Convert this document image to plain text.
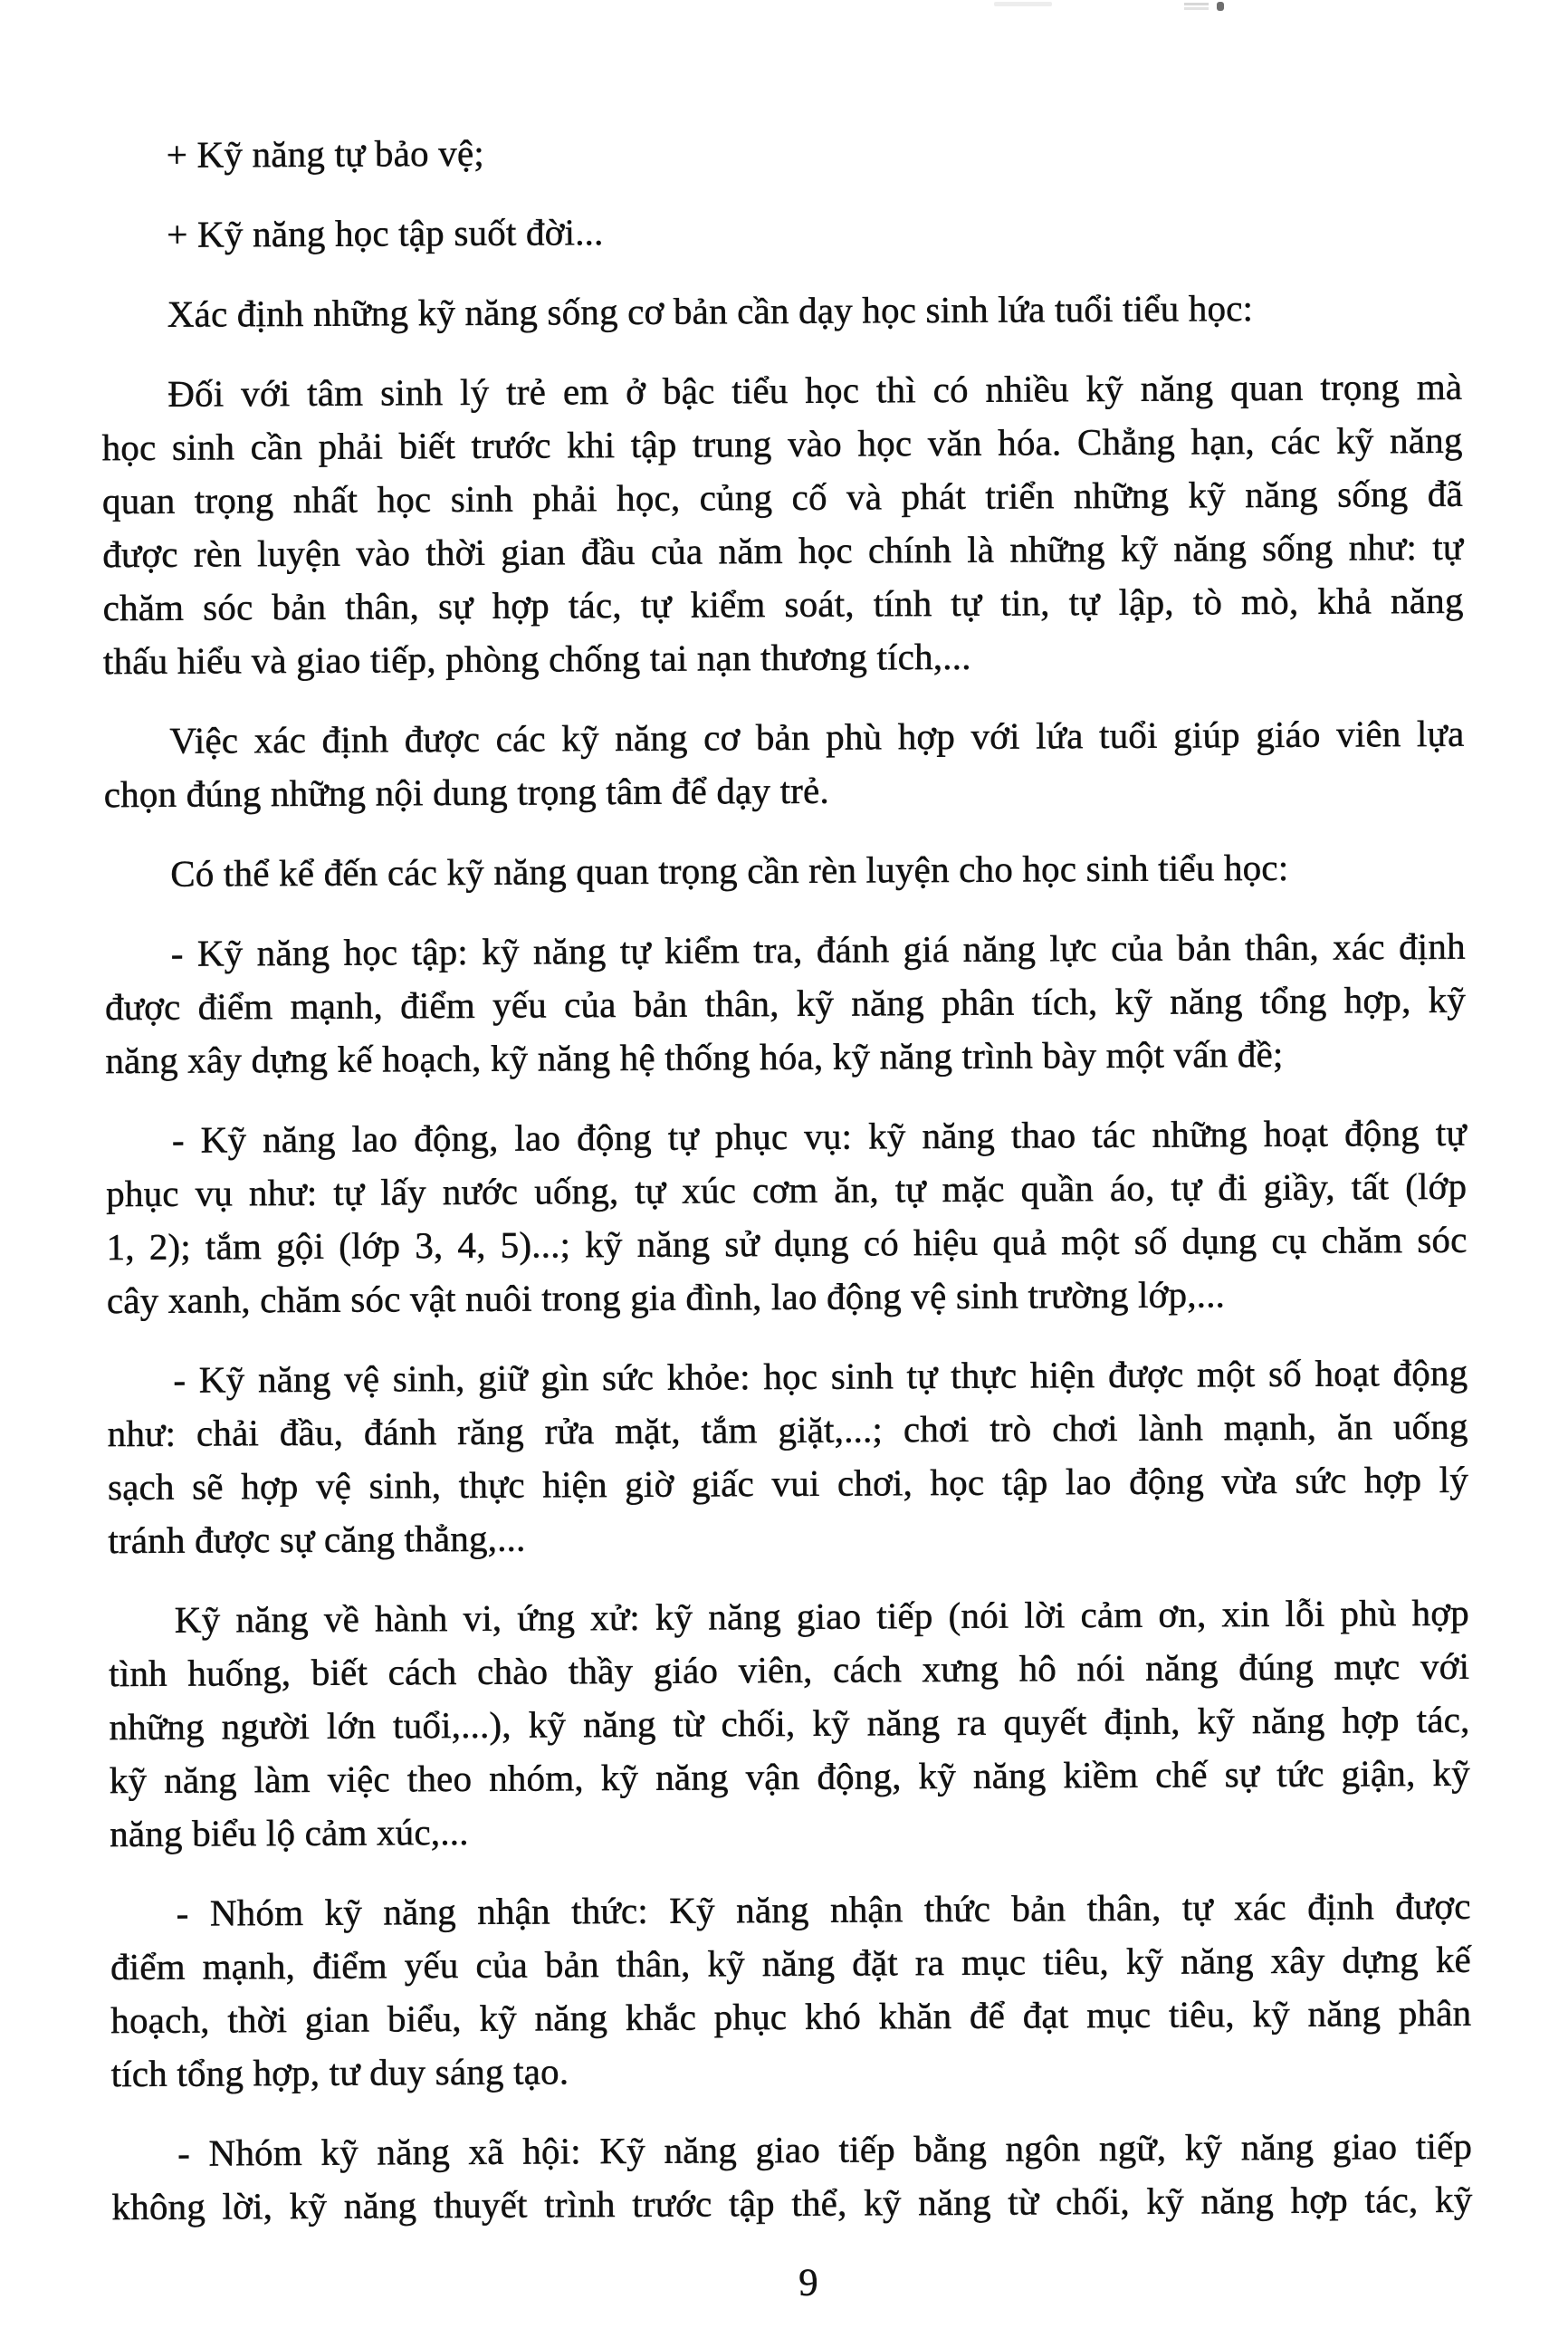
+ Kỹ năng tự bảo vệ;

+ Kỹ năng học tập suốt đời...

Xác định những kỹ năng sống cơ bản cần dạy học sinh lứa tuổi tiểu học:

Đối với tâm sinh lý trẻ em ở bậc tiểu học thì có nhiều kỹ năng quan trọng mà
học sinh cần phải biết trước khi tập trung vào học văn hóa. Chẳng hạn, các kỹ năng
quan trọng nhất học sinh phải học, củng cố và phát triển những kỹ năng sống đã
được rèn luyện vào thời gian đầu của năm học chính là những kỹ năng sống như: tự
chăm sóc bản thân, sự hợp tác, tự kiểm soát, tính tự tin, tự lập, tò mò, khả năng
thấu hiểu và giao tiếp, phòng chống tai nạn thương tích,...

Việc xác định được các kỹ năng cơ bản phù hợp với lứa tuổi giúp giáo viên lựa
chọn đúng những nội dung trọng tâm để dạy trẻ.

Có thể kể đến các kỹ năng quan trọng cần rèn luyện cho học sinh tiểu học:

- Kỹ năng học tập: kỹ năng tự kiểm tra, đánh giá năng lực của bản thân, xác định
được điểm mạnh, điểm yếu của bản thân, kỹ năng phân tích, kỹ năng tổng hợp, kỹ
năng xây dựng kế hoạch, kỹ năng hệ thống hóa, kỹ năng trình bày một vấn đề;

- Kỹ năng lao động, lao động tự phục vụ: kỹ năng thao tác những hoạt động tự
phục vụ như: tự lấy nước uống, tự xúc cơm ăn, tự mặc quần áo, tự đi giầy, tất (lớp
1, 2); tắm gội (lớp 3, 4, 5)...; kỹ năng sử dụng có hiệu quả một số dụng cụ chăm sóc
cây xanh, chăm sóc vật nuôi trong gia đình, lao động vệ sinh trường lớp,...

- Kỹ năng vệ sinh, giữ gìn sức khỏe: học sinh tự thực hiện được một số hoạt động
như: chải đầu, đánh răng rửa mặt, tắm giặt,...; chơi trò chơi lành mạnh, ăn uống
sạch sẽ hợp vệ sinh, thực hiện giờ giấc vui chơi, học tập lao động vừa sức hợp lý
tránh được sự căng thẳng,...

Kỹ năng về hành vi, ứng xử: kỹ năng giao tiếp (nói lời cảm ơn, xin lỗi phù hợp
tình huống, biết cách chào thầy giáo viên, cách xưng hô nói năng đúng mực với
những người lớn tuổi,...), kỹ năng từ chối, kỹ năng ra quyết định, kỹ năng hợp tác,
kỹ năng làm việc theo nhóm, kỹ năng vận động, kỹ năng kiềm chế sự tức giận, kỹ
năng biểu lộ cảm xúc,...

- Nhóm kỹ năng nhận thức: Kỹ năng nhận thức bản thân, tự xác định được
điểm mạnh, điểm yếu của bản thân, kỹ năng đặt ra mục tiêu, kỹ năng xây dựng kế
hoạch, thời gian biểu, kỹ năng khắc phục khó khăn để đạt mục tiêu, kỹ năng phân
tích tổng hợp, tư duy sáng tạo.

- Nhóm kỹ năng xã hội: Kỹ năng giao tiếp bằng ngôn ngữ, kỹ năng giao tiếp
không lời, kỹ năng thuyết trình trước tập thể, kỹ năng từ chối, kỹ năng hợp tác, kỹ

9
